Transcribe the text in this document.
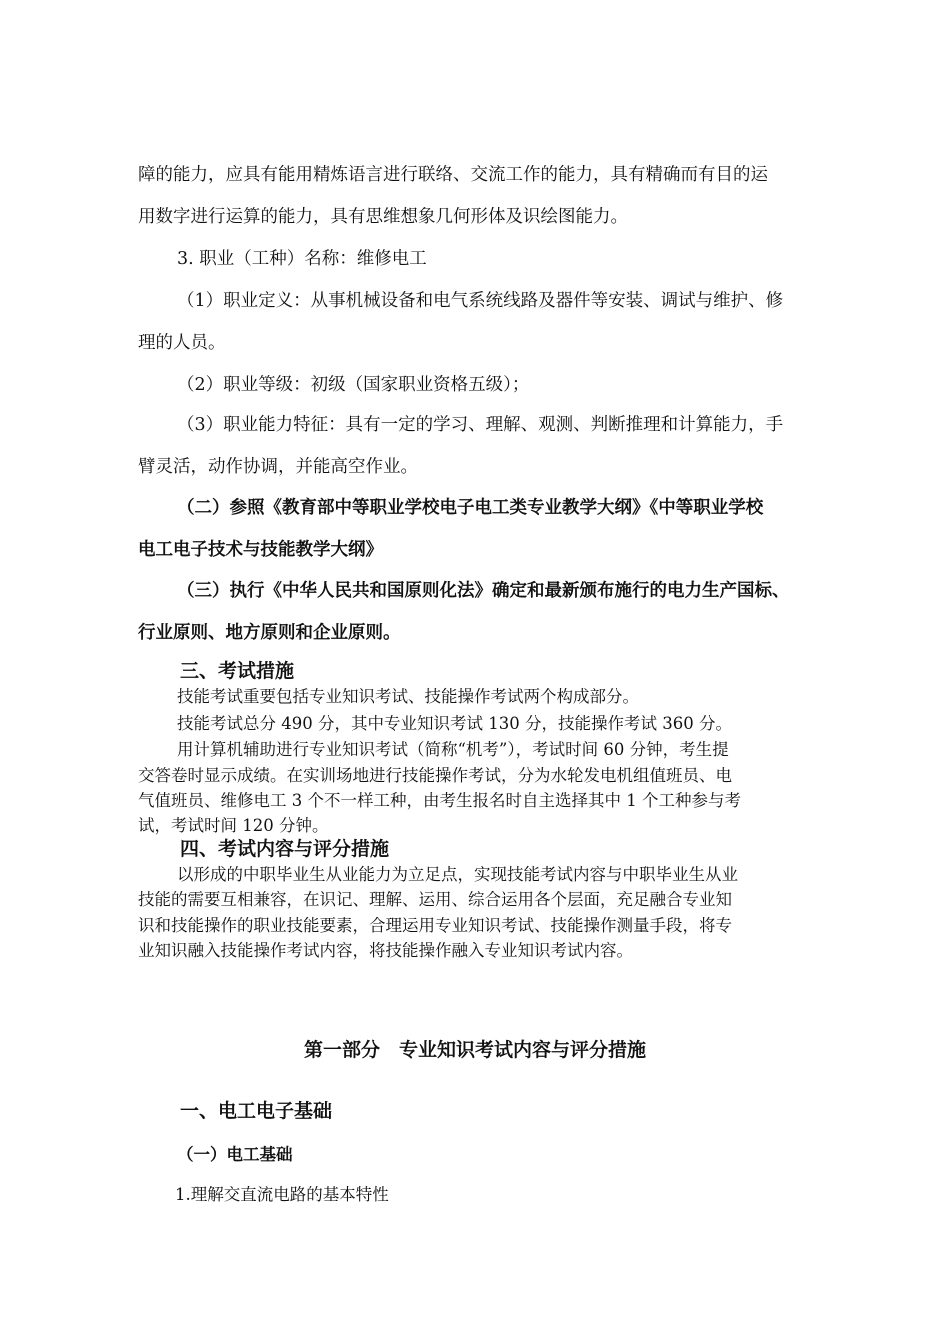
障的能力，应具有能用精炼语言进行联络、交流工作的能力，具有精确而有目的运
用数字进行运算的能力，具有思维想象几何形体及识绘图能力。
3. 职业（工种）名称：维修电工
（1）职业定义：从事机械设备和电气系统线路及器件等安装、调试与维护、修
理的人员。
（2）职业等级：初级（国家职业资格五级）；
（3）职业能力特征：具有一定的学习、理解、观测、判断推理和计算能力，手
臂灵活，动作协调，并能高空作业。
（二）参照《教育部中等职业学校电子电工类专业教学大纲》《中等职业学校
电工电子技术与技能教学大纲》
（三）执行《中华人民共和国原则化法》确定和最新颁布施行的电力生产国标、
行业原则、地方原则和企业原则。
三、考试措施
技能考试重要包括专业知识考试、技能操作考试两个构成部分。
技能考试总分 490 分，其中专业知识考试 130 分，技能操作考试 360 分。
用计算机辅助进行专业知识考试（简称“机考”），考试时间 60 分钟，考生提
交答卷时显示成绩。在实训场地进行技能操作考试，分为水轮发电机组值班员、电
气值班员、维修电工 3 个不一样工种，由考生报名时自主选择其中 1 个工种参与考
试，考试时间 120 分钟。
四、考试内容与评分措施
以形成的中职毕业生从业能力为立足点，实现技能考试内容与中职毕业生从业
技能的需要互相兼容，在识记、理解、运用、综合运用各个层面，充足融合专业知
识和技能操作的职业技能要素，合理运用专业知识考试、技能操作测量手段，将专
业知识融入技能操作考试内容，将技能操作融入专业知识考试内容。
第一部分　专业知识考试内容与评分措施
一、电工电子基础
（一）电工基础
1.理解交直流电路的基本特性
